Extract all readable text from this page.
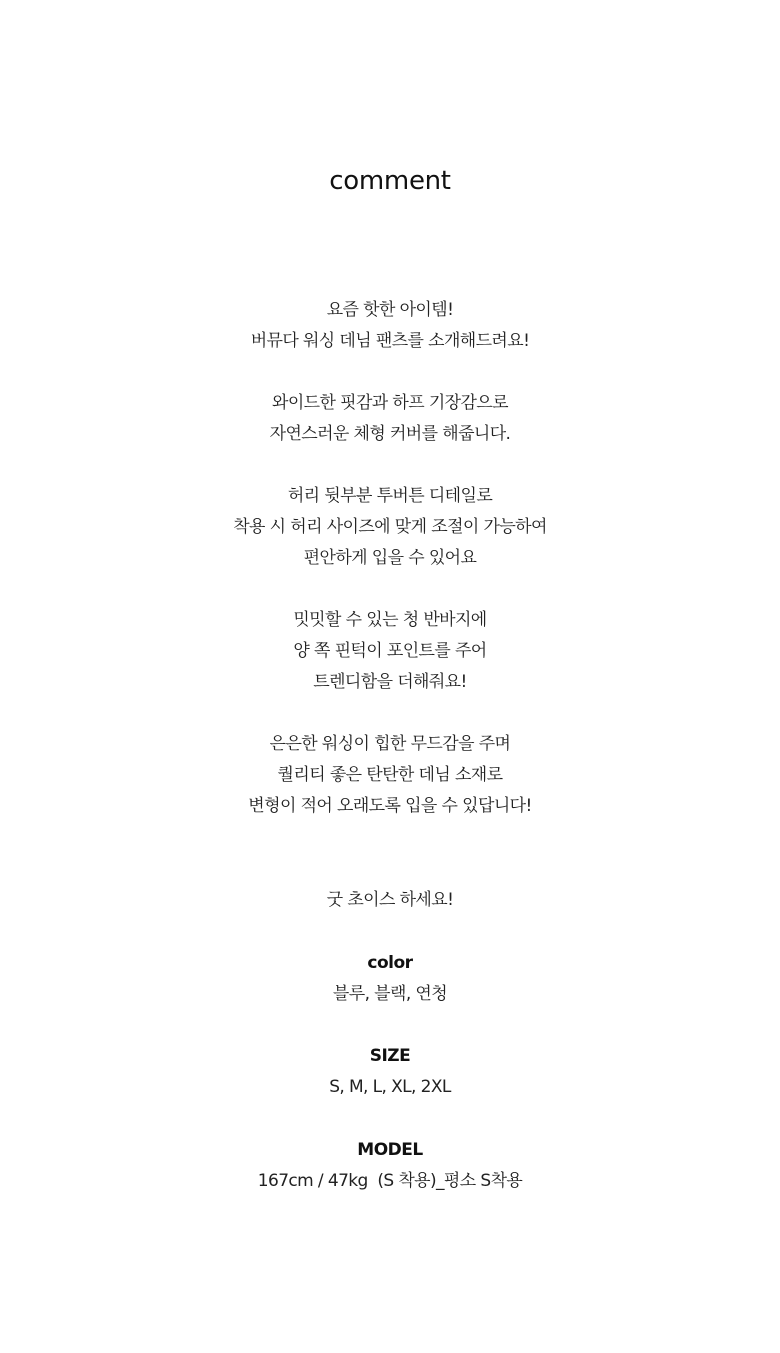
comment
요즘 핫한 아이템!
버뮤다 워싱 데님 팬츠를 소개해드려요!
와이드한 핏감과 하프 기장감으로
자연스러운 체형 커버를 해줍니다.
허리 뒷부분 투버튼 디테일로
착용 시 허리 사이즈에 맞게 조절이 가능하여
편안하게 입을 수 있어요
밋밋할 수 있는 청 반바지에
양 쪽 핀턱이 포인트를 주어
트렌디함을 더해줘요!
은은한 워싱이 힙한 무드감을 주며
퀄리티 좋은 탄탄한 데님 소재로
변형이 적어 오래도록 입을 수 있답니다!
굿 초이스 하세요!
color
블루, 블랙, 연청
SIZE
S, M, L, XL, 2XL
MODEL
167cm / 47kg  (S 착용)_평소 S착용
